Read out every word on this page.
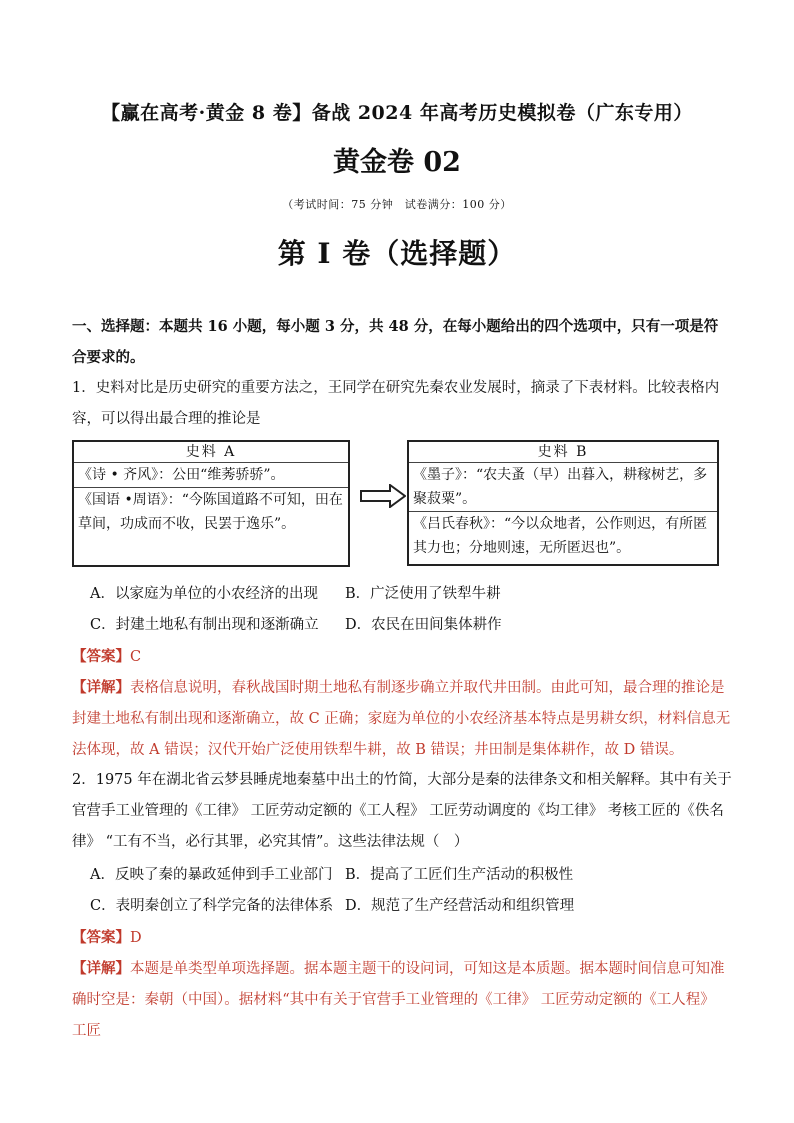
【赢在高考·黄金 8 卷】备战 2024 年高考历史模拟卷（广东专用）
黄金卷 02
（考试时间：75 分钟　试卷满分：100 分）
第 I 卷（选择题）

一、选择题：本题共 16 小题，每小题 3 分，共 48 分，在每小题给出的四个选项中，只有一项是符合要求的。

1．史料对比是历史研究的重要方法之，王同学在研究先秦农业发展时，摘录了下表材料。比较表格内容，可以得出最合理的推论是

史料 A
《诗 • 齐风》：公田“维莠骄骄”。
《国语 •周语》：“今陈国道路不可知，田在草间，功成而不收，民罢于逸乐”。
史料 B
《墨子》：“农夫蚤（早）出暮入，耕稼树艺，多聚菽粟”。
《吕氏春秋》：“今以众地者，公作则迟，有所匿其力也；分地则速，无所匿迟也”。
A．以家庭为单位的小农经济的出现 B．广泛使用了铁犁牛耕
C．封建土地私有制出现和逐渐确立 D．农民在田间集体耕作
【答案】C

【详解】表格信息说明，春秋战国时期土地私有制逐步确立并取代井田制。由此可知，最合理的推论是封建土地私有制出现和逐渐确立，故 C 正确；家庭为单位的小农经济基本特点是男耕女织，材料信息无法体现，故 A 错误；汉代开始广泛使用铁犁牛耕，故 B 错误；井田制是集体耕作，故 D 错误。

2．1975 年在湖北省云梦县睡虎地秦墓中出土的竹简，大部分是秦的法律条文和相关解释。其中有关于官营手工业管理的《工律》 工匠劳动定额的《工人程》 工匠劳动调度的《均工律》 考核工匠的《佚名律》 “工有不当，必行其罪，必究其情”。这些法律法规（　）

A．反映了秦的暴政延伸到手工业部门 B．提高了工匠们生产活动的积极性
C．表明秦创立了科学完备的法律体系 D．规范了生产经营活动和组织管理
【答案】D

【详解】本题是单类型单项选择题。据本题主题干的设问词，可知这是本质题。据本题时间信息可知准确时空是：秦朝（中国）。据材料“其中有关于官营手工业管理的《工律》 工匠劳动定额的《工人程》 工匠
